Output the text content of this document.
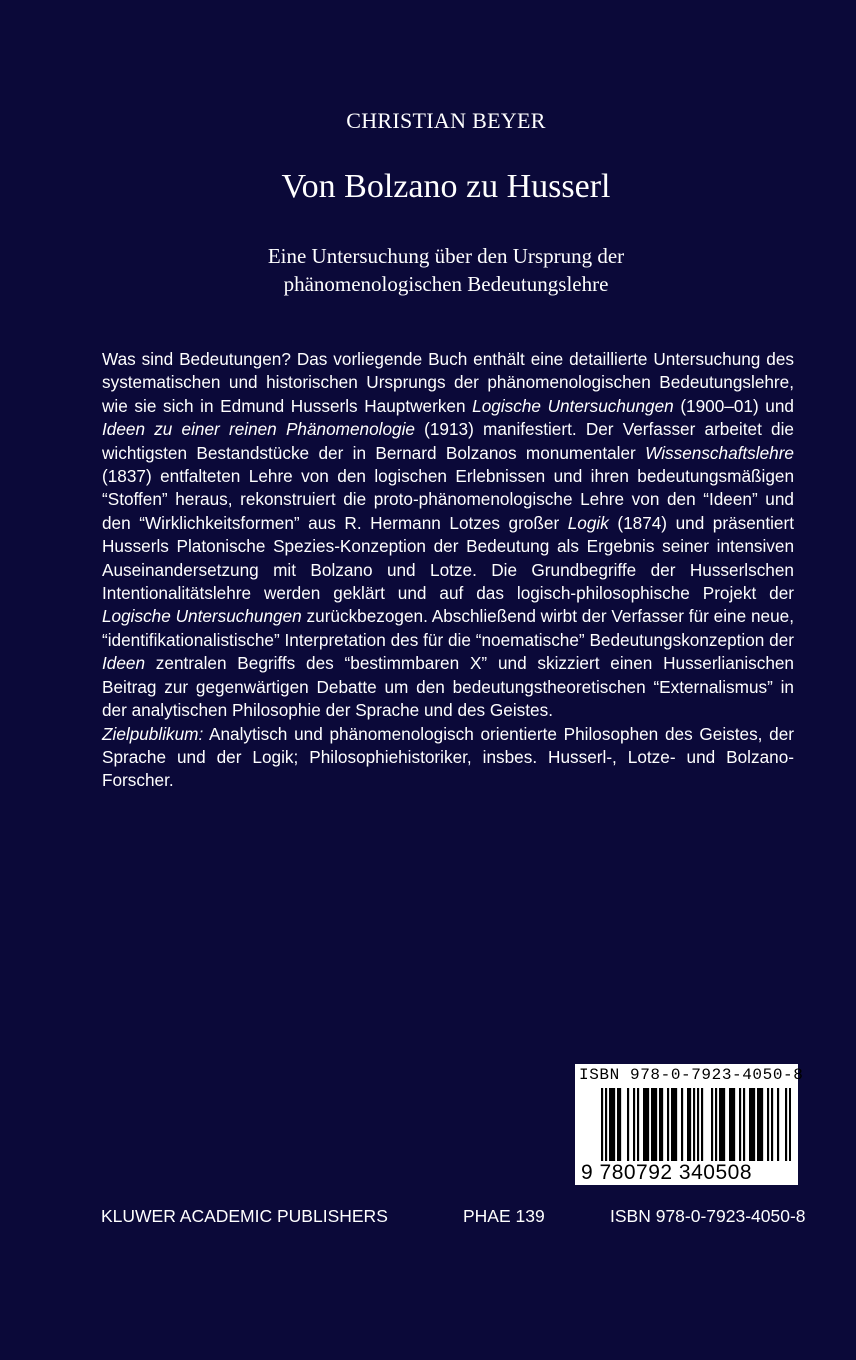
CHRISTIAN BEYER
Von Bolzano zu Husserl
Eine Untersuchung über den Ursprung der
phänomenologischen Bedeutungslehre

Was sind Bedeutungen? Das vorliegende Buch enthält eine detaillierte Untersuchung des systematischen und historischen Ursprungs der phänomenologischen Bedeutungslehre, wie sie sich in Edmund Husserls Hauptwerken Logische Untersuchungen (1900–01) und Ideen zu einer reinen Phänomenologie (1913) manifestiert. Der Verfasser arbeitet die wichtigsten Bestandstücke der in Bernard Bolzanos monumentaler Wissenschaftslehre (1837) entfalteten Lehre von den logischen Erlebnissen und ihren bedeutungsmäßigen “Stoffen” heraus, rekonstruiert die proto-phänomenologische Lehre von den “Ideen” und den “Wirklichkeitsformen” aus R. Hermann Lotzes großer Logik (1874) und präsentiert Husserls Platonische Spezies-Konzeption der Bedeutung als Ergebnis seiner intensiven Auseinandersetzung mit Bolzano und Lotze. Die Grundbegriffe der Husserlschen Intentionalitätslehre werden geklärt und auf das logisch-philosophische Projekt der Logische Untersuchungen zurückbezogen. Abschließend wirbt der Verfasser für eine neue, “identifikationalistische” Interpretation des für die “noematische” Bedeutungskonzeption der Ideen zentralen Begriffs des “bestimmbaren X” und skizziert einen Husserlianischen Beitrag zur gegenwärtigen Debatte um den bedeutungstheoretischen “Externalismus” in der analytischen Philosophie der Sprache und des Geistes.

Zielpublikum: Analytisch und phänomenologisch orientierte Philosophen des Geistes, der Sprache und der Logik; Philosophiehistoriker, insbes. Husserl-, Lotze- und Bolzano-Forscher.

ISBN 978-0-7923-4050-8
9 780792 340508
KLUWER ACADEMIC PUBLISHERS	PHAE 139	ISBN 978-0-7923-4050-8
